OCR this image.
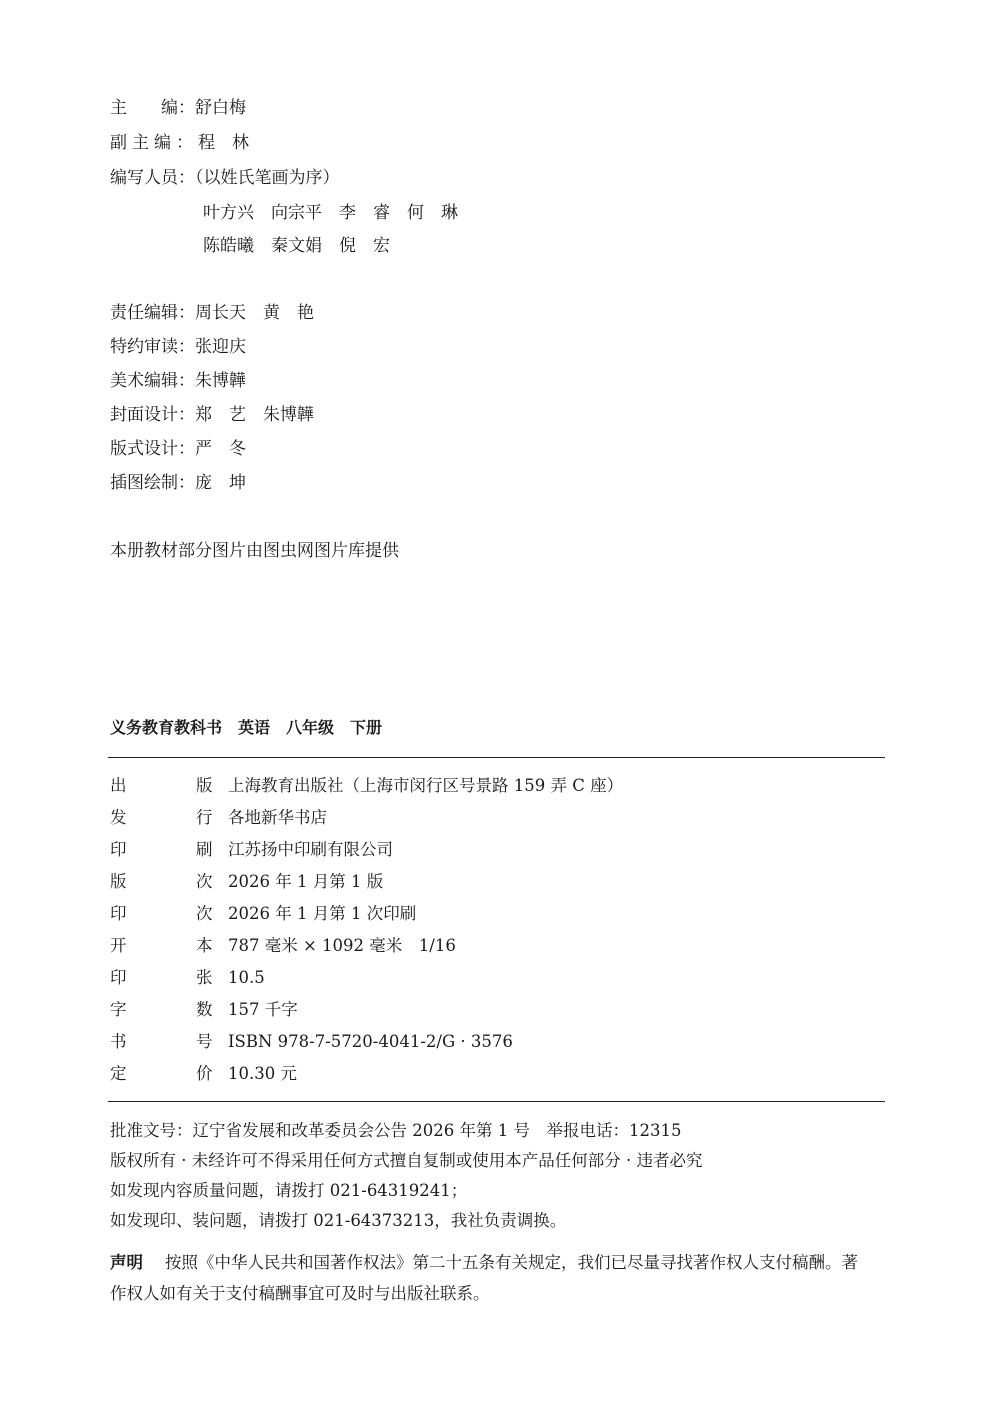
主　　编：舒白梅
副主编：程　林
编写人员：（以姓氏笔画为序）
叶方兴　向宗平　李　睿　何　琳
陈皓曦　秦文娟　倪　宏
责任编辑：周长天　黄　艳
特约审读：张迎庆
美术编辑：朱博韡
封面设计：郑　艺　朱博韡
版式设计：严　冬
插图绘制：庞　坤
本册教材部分图片由图虫网图片库提供
义务教育教科书　英语　八年级　下册
出	版 上海教育出版社（上海市闵行区号景路 159 弄 C 座）
发	行 各地新华书店
印	刷 江苏扬中印刷有限公司
版	次 2026 年 1 月第 1 版
印	次 2026 年 1 月第 1 次印刷
开	本 787 毫米 × 1092 毫米　1/16
印	张 10.5
字	数 157 千字
书	号 ISBN 978-7-5720-4041-2/G · 3576
定	价 10.30 元
批准文号：辽宁省发展和改革委员会公告 2026 年第 1 号　举报电话：12315
版权所有 · 未经许可不得采用任何方式擅自复制或使用本产品任何部分 · 违者必究
如发现内容质量问题，请拨打 021-64319241；
如发现印、装问题，请拨打 021-64373213，我社负责调换。
声明 按照《中华人民共和国著作权法》第二十五条有关规定，我们已尽量寻找著作权人支付稿酬。著
作权人如有关于支付稿酬事宜可及时与出版社联系。
